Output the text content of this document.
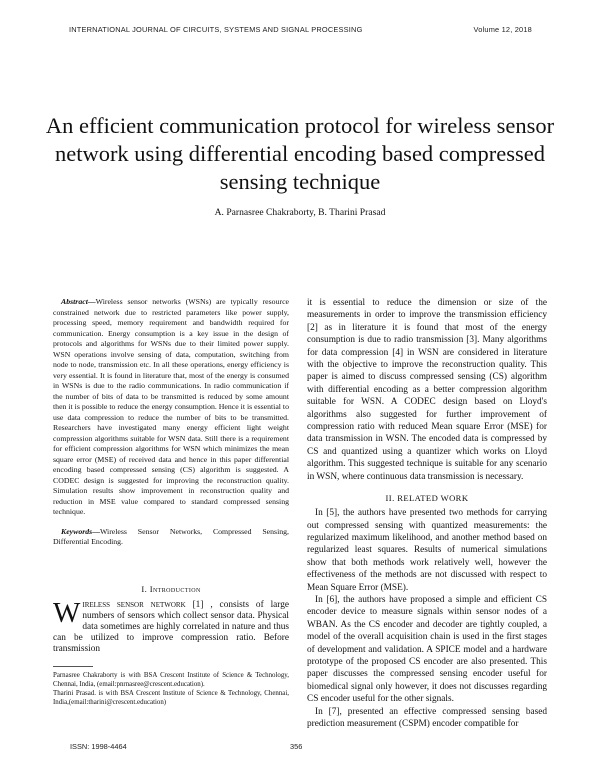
INTERNATIONAL JOURNAL OF CIRCUITS, SYSTEMS AND SIGNAL PROCESSING	Volume 12, 2018
An efficient communication protocol for wireless sensor network using differential encoding based compressed sensing technique
A. Parnasree Chakraborty, B. Tharini Prasad

Abstract—Wireless sensor networks (WSNs) are typically resource constrained network due to restricted parameters like power supply, processing speed, memory requirement and bandwidth required for communication. Energy consumption is a key issue in the design of protocols and algorithms for WSNs due to their limited power supply. WSN operations involve sensing of data, computation, switching from node to node, transmission etc. In all these operations, energy efficiency is very essential. It is found in literature that, most of the energy is consumed in WSNs is due to the radio communications. In radio communication if the number of bits of data to be transmitted is reduced by some amount then it is possible to reduce the energy consumption. Hence it is essential to use data compression to reduce the number of bits to be transmitted. Researchers have investigated many energy efficient light weight compression algorithms suitable for WSN data. Still there is a requirement for efficient compression algorithms for WSN which minimizes the mean square error (MSE) of received data and hence in this paper differential encoding based compressed sensing (CS) algorithm is suggested. A CODEC design is suggested for improving the reconstruction quality. Simulation results show improvement in reconstruction quality and reduction in MSE value compared to standard compressed sensing technique.

Keywords—Wireless Sensor Networks, Compressed Sensing, Differential Encoding.

I. Introduction

Wireless sensor network [1] , consists of large numbers of sensors which collect sensor data. Physical data sometimes are highly correlated in nature and thus can be utilized to improve compression ratio. Before transmission

Parnasree Chakraborty is with BSA Crescent Institute of Science & Technology, Chennai, India, (email:pnrnasree@crescent.education).

Tharini Prasad. is with BSA Crescent Institute of Science & Technology, Chennai, India,(email:tharini@crescent.education)

it is essential to reduce the dimension or size of the measurements in order to improve the transmission efficiency [2] as in literature it is found that most of the energy consumption is due to radio transmission [3]. Many algorithms for data compression [4] in WSN are considered in literature with the objective to improve the reconstruction quality. This paper is aimed to discuss compressed sensing (CS) algorithm with differential encoding as a better compression algorithm suitable for WSN. A CODEC design based on Lloyd's algorithms also suggested for further improvement of compression ratio with reduced Mean square Error (MSE) for data transmission in WSN. The encoded data is compressed by CS and quantized using a quantizer which works on Lloyd algorithm. This suggested technique is suitable for any scenario in WSN, where continuous data transmission is necessary.

II. RELATED WORK

In [5], the authors have presented two methods for carrying out compressed sensing with quantized measurements: the regularized maximum likelihood, and another method based on regularized least squares. Results of numerical simulations show that both methods work relatively well, however the effectiveness of the methods are not discussed with respect to Mean Square Error (MSE).

In [6], the authors have proposed a simple and efficient CS encoder device to measure signals within sensor nodes of a WBAN. As the CS encoder and decoder are tightly coupled, a model of the overall acquisition chain is used in the first stages of development and validation. A SPICE model and a hardware prototype of the proposed CS encoder are also presented. This paper discusses the compressed sensing encoder useful for biomedical signal only however, it does not discusses regarding CS encoder useful for the other signals.

In [7], presented an effective compressed sensing based prediction measurement (CSPM) encoder compatible for

ISSN: 1998-4464	356
